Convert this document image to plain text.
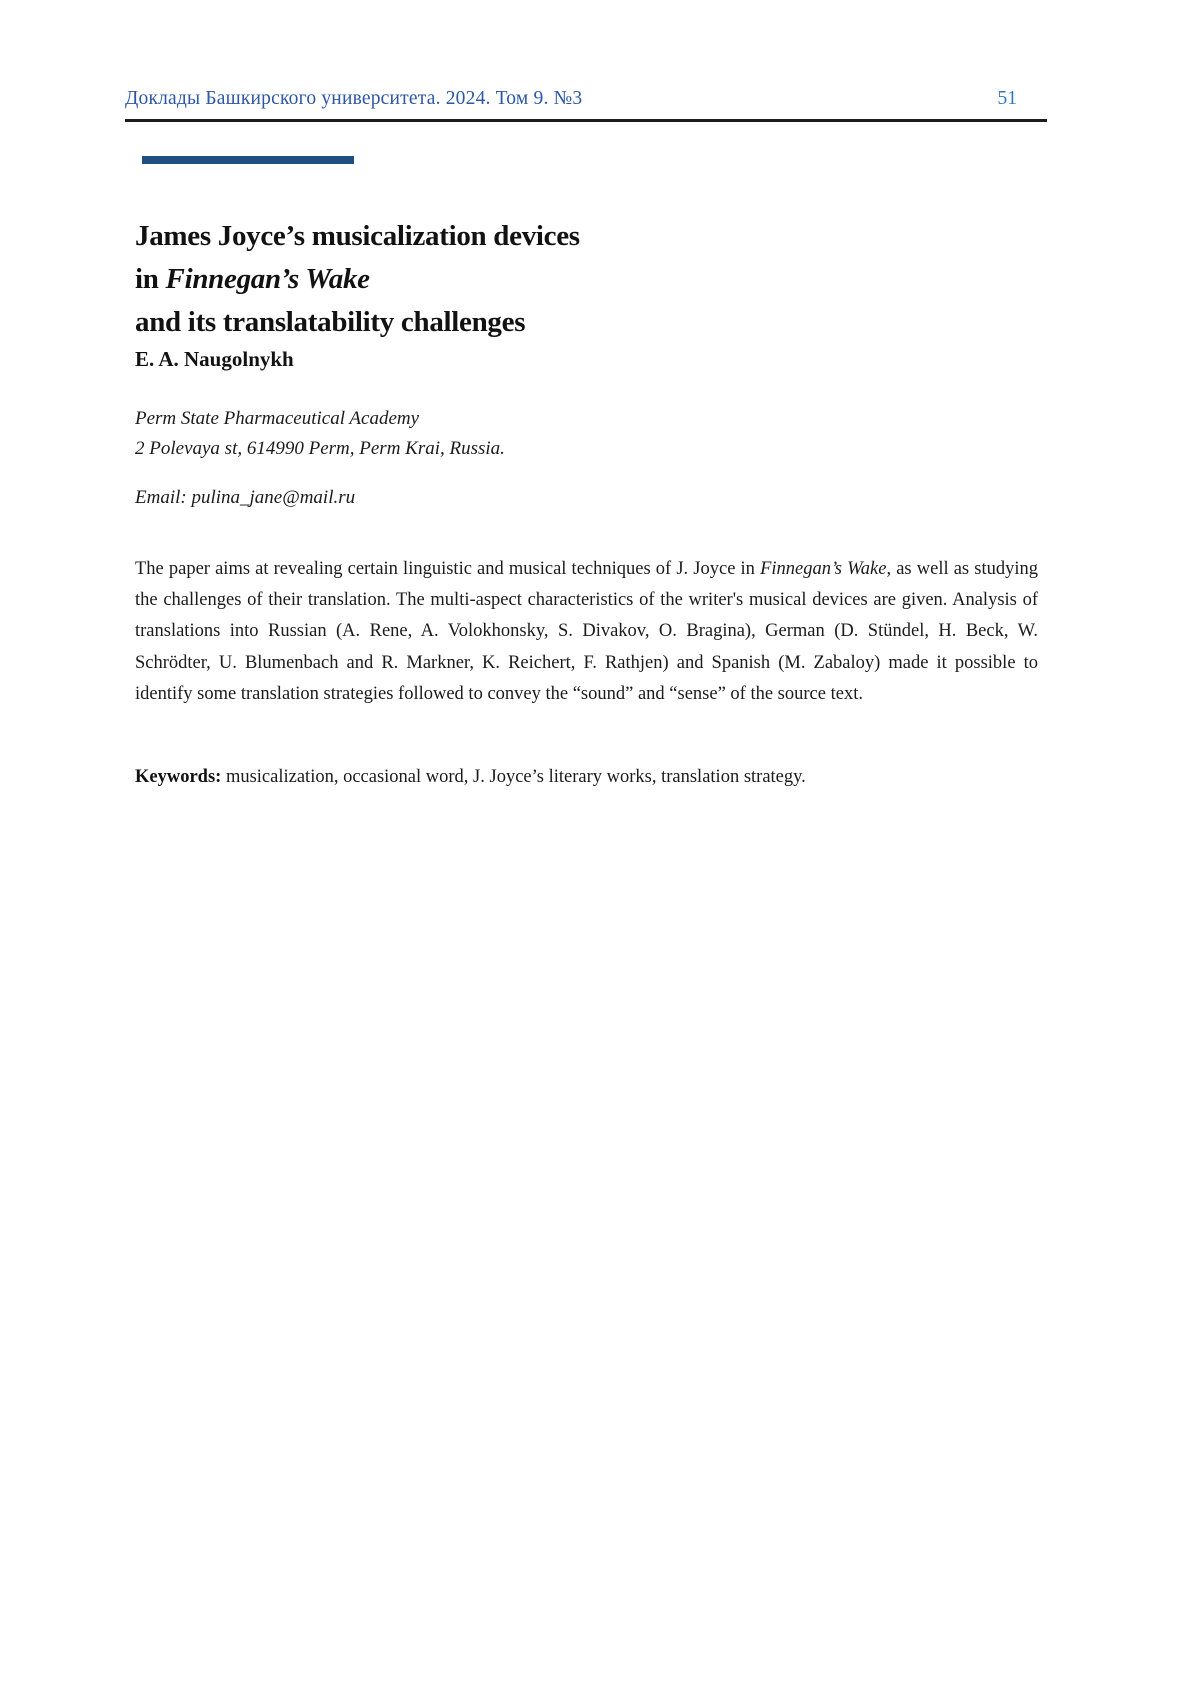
Доклады Башкирского университета. 2024. Том 9. №3	51
James Joyce’s musicalization devices
in Finnegan’s Wake
and its translatability challenges
E. A. Naugolnykh
Perm State Pharmaceutical Academy
2 Polevaya st, 614990 Perm, Perm Krai, Russia.
Email: pulina_jane@mail.ru

The paper aims at revealing certain linguistic and musical techniques of J. Joyce in Finnegan’s Wake, as well as studying the challenges of their translation. The multi-aspect characteristics of the writer's musical devices are given. Analysis of translations into Russian (A. Rene, A. Volokhonsky, S. Divakov, O. Bragina), German (D. Stündel, H. Beck, W. Schrödter, U. Blumenbach and R. Markner, K. Reichert, F. Rathjen) and Spanish (M. Zabaloy) made it possible to identify some translation strategies followed to convey the “sound” and “sense” of the source text.

Keywords: musicalization, occasional word, J. Joyce’s literary works, translation strategy.
